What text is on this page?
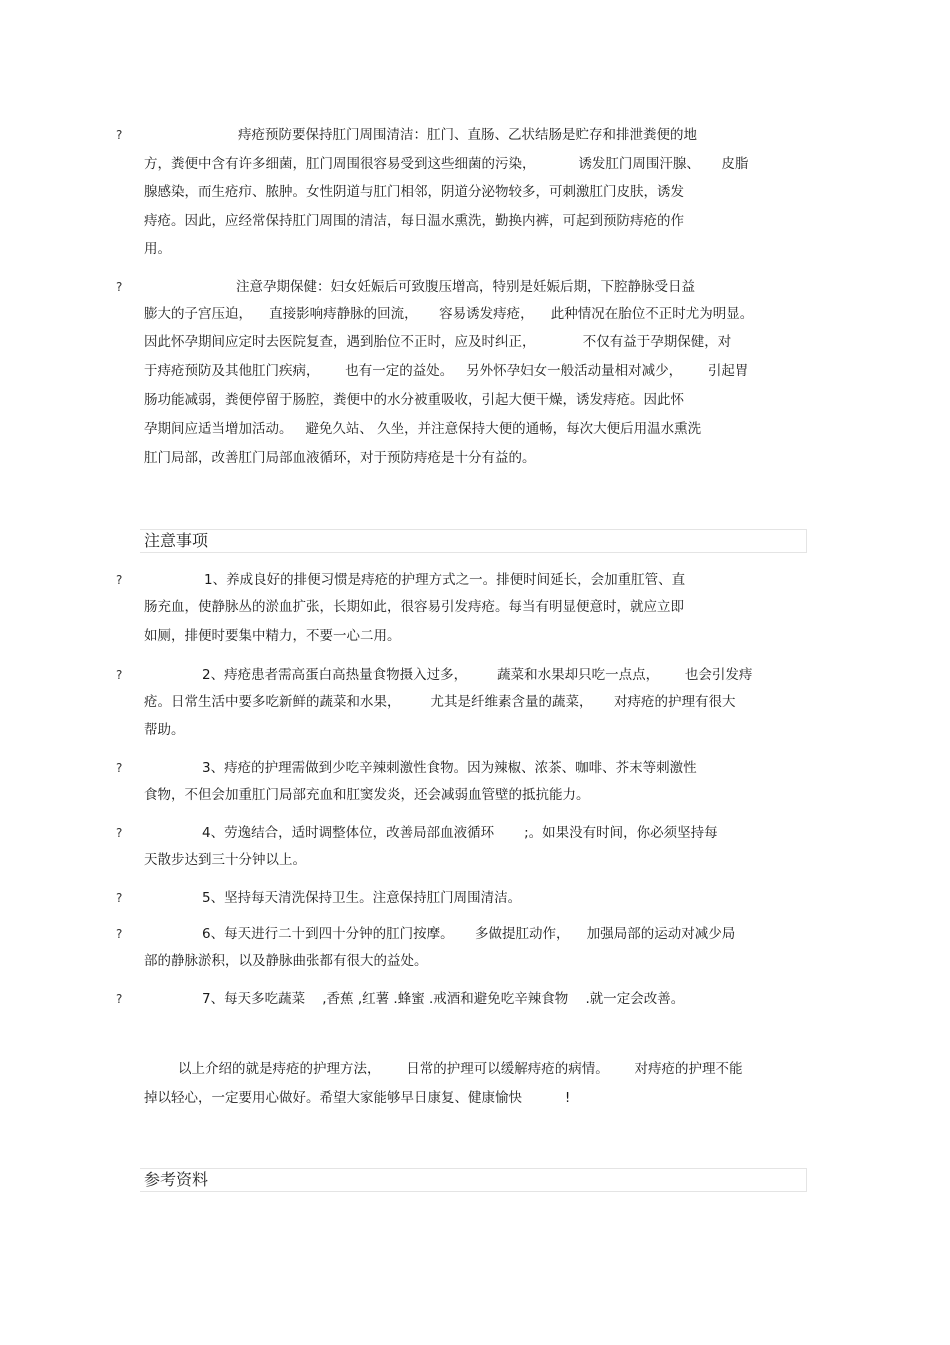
?	痔疮预防要保持肛门周围清洁：肛门、直肠、乙状结肠是贮存和排泄粪便的地
方，粪便中含有许多细菌，肛门周围很容易受到这些细菌的污染，          诱发肛门周围汗腺、     皮脂
腺感染，而生疮疖、脓肿。女性阴道与肛门相邻，阴道分泌物较多，可刺激肛门皮肤，诱发
痔疮。因此，应经常保持肛门周围的清洁，每日温水熏洗，勤换内裤，可起到预防痔疮的作
用。
?	注意孕期保健：妇女妊娠后可致腹压增高，特别是妊娠后期，下腔静脉受日益
膨大的子宫压迫，    直接影响痔静脉的回流，     容易诱发痔疮，    此种情况在胎位不正时尤为明显。
因此怀孕期间应定时去医院复查，遇到胎位不正时，应及时纠正，           不仅有益于孕期保健，对
于痔疮预防及其他肛门疾病，      也有一定的益处。   另外怀孕妇女一般活动量相对减少，      引起胃
肠功能减弱，粪便停留于肠腔，粪便中的水分被重吸收，引起大便干燥，诱发痔疮。因此怀
孕期间应适当增加活动。   避免久站、 久坐，并注意保持大便的通畅，每次大便后用温水熏洗
肛门局部，改善肛门局部血液循环，对于预防痔疮是十分有益的。
注意事项
?	1、养成良好的排便习惯是痔疮的护理方式之一。排便时间延长，会加重肛管、直
肠充血，使静脉丛的淤血扩张，长期如此，很容易引发痔疮。每当有明显便意时，就应立即
如厕，排便时要集中精力，不要一心二用。
?	2、痔疮患者需高蛋白高热量食物摄入过多，       蔬菜和水果却只吃一点点，      也会引发痔
疮。日常生活中要多吃新鲜的蔬菜和水果，       尤其是纤维素含量的蔬菜，     对痔疮的护理有很大
帮助。
?	3、痔疮的护理需做到少吃辛辣刺激性食物。因为辣椒、浓茶、咖啡、芥末等刺激性
食物，不但会加重肛门局部充血和肛窦发炎，还会减弱血管壁的抵抗能力。
?	4、劳逸结合，适时调整体位，改善局部血液循环       ;。如果没有时间，你必须坚持每
天散步达到三十分钟以上。
?	5、坚持每天清洗保持卫生。注意保持肛门周围清洁。
?	6、每天进行二十到四十分钟的肛门按摩。     多做提肛动作，    加强局部的运动对减少局
部的静脉淤积，以及静脉曲张都有很大的益处。
?	7、每天多吃蔬菜    ,香蕉 ,红薯 .蜂蜜 .戒酒和避免吃辛辣食物    .就一定会改善。
以上介绍的就是痔疮的护理方法，      日常的护理可以缓解痔疮的病情。      对痔疮的护理不能
掉以轻心，一定要用心做好。希望大家能够早日康复、健康愉快          !
参考资料
